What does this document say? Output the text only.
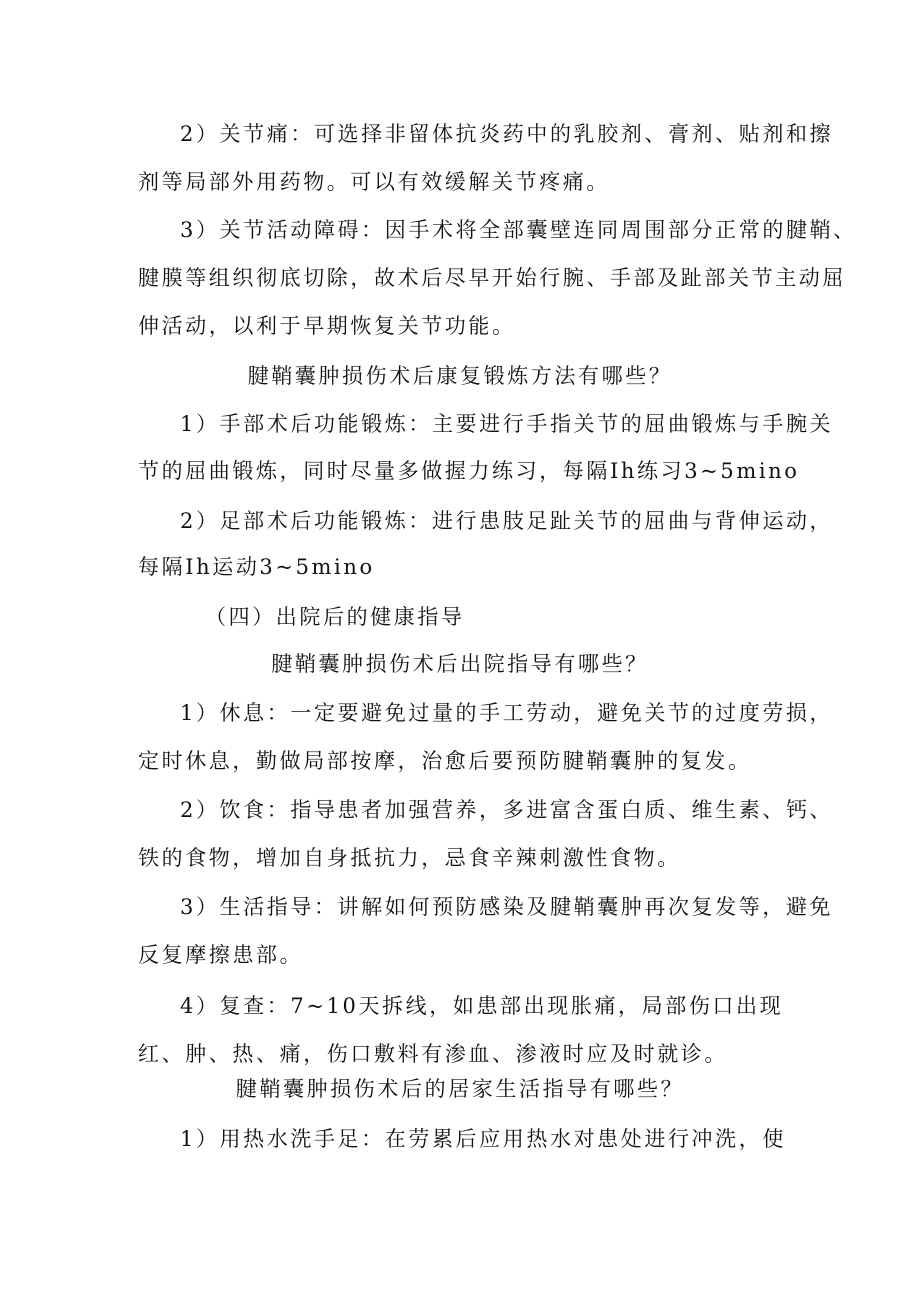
2）关节痛：可选择非留体抗炎药中的乳胶剂、膏剂、贴剂和擦
剂等局部外用药物。可以有效缓解关节疼痛。
3）关节活动障碍：因手术将全部囊壁连同周围部分正常的腱鞘、
腱膜等组织彻底切除，故术后尽早开始行腕、手部及趾部关节主动屈
伸活动，以利于早期恢复关节功能。
腱鞘囊肿损伤术后康复锻炼方法有哪些？
1）手部术后功能锻炼：主要进行手指关节的屈曲锻炼与手腕关
节的屈曲锻炼，同时尽量多做握力练习，每隔Ih练习3~5mino
2）足部术后功能锻炼：进行患肢足趾关节的屈曲与背伸运动，
每隔Ih运动3~5mino
（四）出院后的健康指导
腱鞘囊肿损伤术后出院指导有哪些？
1）休息：一定要避免过量的手工劳动，避免关节的过度劳损，
定时休息，勤做局部按摩，治愈后要预防腱鞘囊肿的复发。
2）饮食：指导患者加强营养，多进富含蛋白质、维生素、钙、
铁的食物，增加自身抵抗力，忌食辛辣刺激性食物。
3）生活指导：讲解如何预防感染及腱鞘囊肿再次复发等，避免
反复摩擦患部。
4）复查：7~10天拆线，如患部出现胀痛，局部伤口出现
红、肿、热、痛，伤口敷料有渗血、渗液时应及时就诊。
腱鞘囊肿损伤术后的居家生活指导有哪些？
1）用热水洗手足：在劳累后应用热水对患处进行冲洗，使
